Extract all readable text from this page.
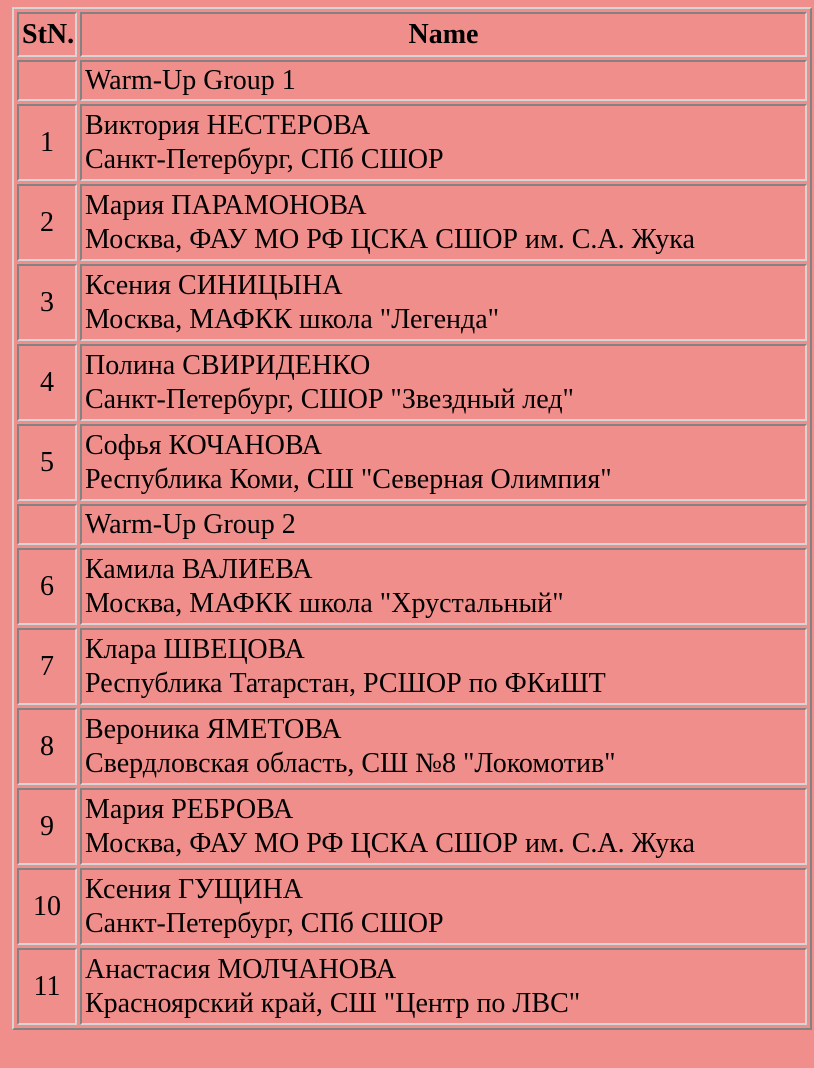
StN.	Name
	Warm-Up Group 1
1	Виктория НЕСТЕРОВА
Санкт-Петербург, СПб СШОР

2	Мария ПАРАМОНОВА
Москва, ФАУ МО РФ ЦСКА СШОР им. С.А. Жука

3	Ксения СИНИЦЫНА
Москва, МАФКК школа "Легенда"

4	Полина СВИРИДЕНКО
Санкт-Петербург, СШОР "Звездный лед"

5	Софья КОЧАНОВА
Республика Коми, СШ "Северная Олимпия"

	Warm-Up Group 2
6	Камила ВАЛИЕВА
Москва, МАФКК школа "Хрустальный"

7	Клара ШВЕЦОВА
Республика Татарстан, РСШОР по ФКиШТ

8	Вероника ЯМЕТОВА
Свердловская область, СШ №8 "Локомотив"

9	Мария РЕБРОВА
Москва, ФАУ МО РФ ЦСКА СШОР им. С.А. Жука

10	Ксения ГУЩИНА
Санкт-Петербург, СПб СШОР

11	Анастасия МОЛЧАНОВА
Красноярский край, СШ "Центр по ЛВС"
